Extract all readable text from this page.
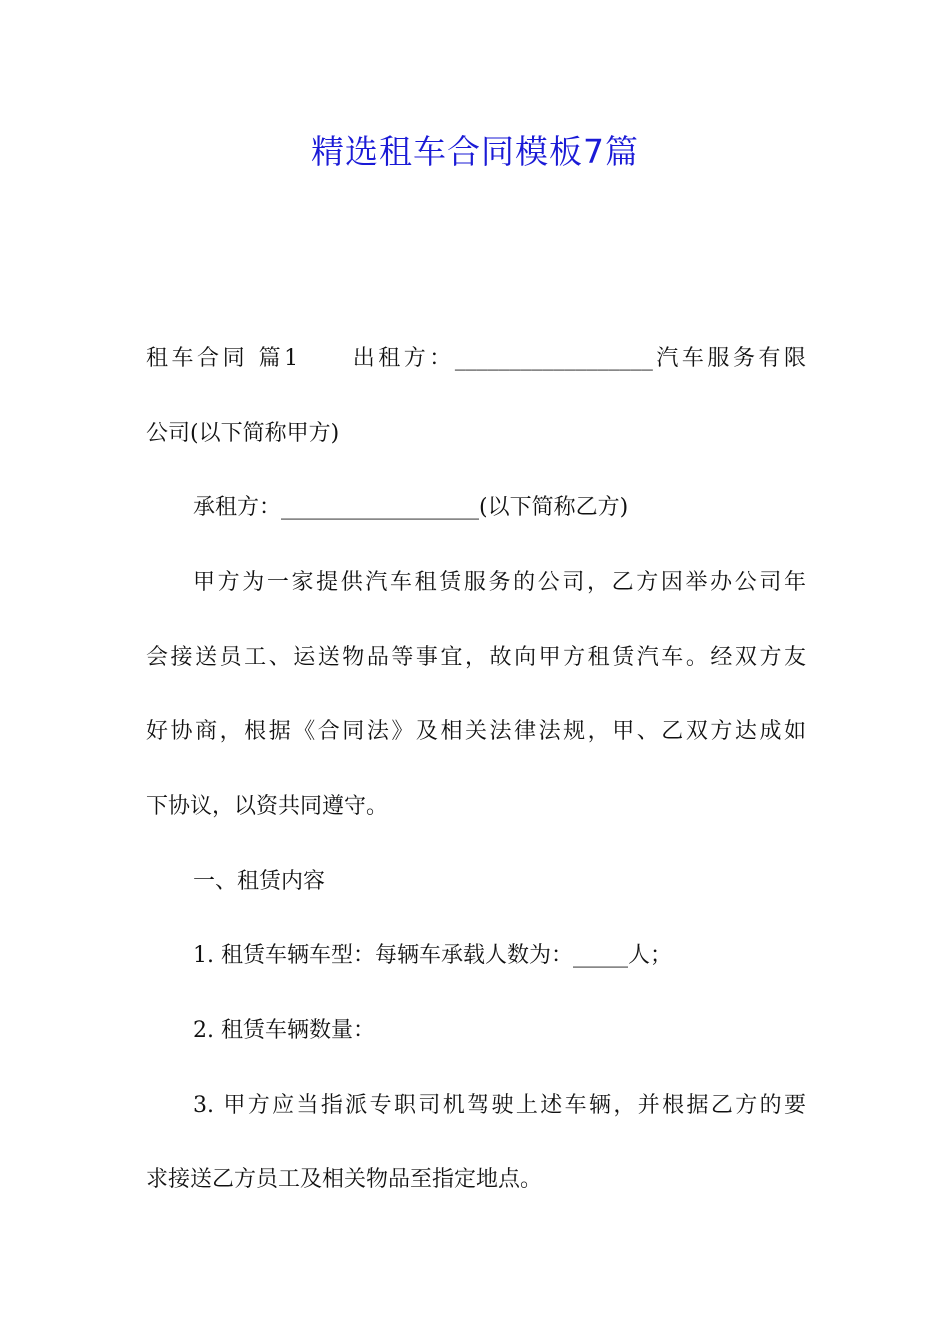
精选租车合同模板7篇
租车合同 篇1　　出租方：__________________汽车服务有限
公司(以下简称甲方)
承租方：__________________(以下简称乙方)
甲方为一家提供汽车租赁服务的公司，乙方因举办公司年
会接送员工、运送物品等事宜，故向甲方租赁汽车。经双方友
好协商，根据《合同法》及相关法律法规，甲、乙双方达成如
下协议，以资共同遵守。
一、租赁内容
1. 租赁车辆车型：每辆车承载人数为：_____人；
2. 租赁车辆数量：
3. 甲方应当指派专职司机驾驶上述车辆，并根据乙方的要
求接送乙方员工及相关物品至指定地点。
